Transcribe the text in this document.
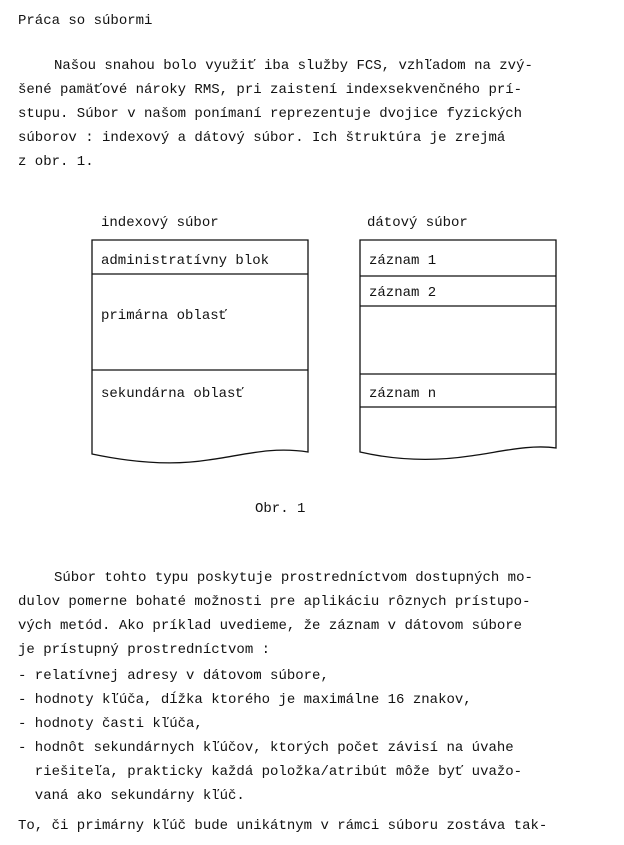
Práca so súbormi
Našou snahou bolo využiť iba služby FCS, vzhľadom na zvý-
šené pamäťové nároky RMS, pri zaistení indexsekvenčného prí-
stupu. Súbor v našom ponímaní reprezentuje dvojice fyzických
súborov : indexový a dátový súbor. Ich štruktúra je zrejmá
z obr. 1.
indexový súbor	dátový súbor
administratívny blok
primárna oblasť
sekundárna oblasť
záznam 1
záznam 2
záznam n
Obr. 1
Súbor tohto typu poskytuje prostredníctvom dostupných mo-
dulov pomerne bohaté možnosti pre aplikáciu rôznych prístupo-
vých metód. Ako príklad uvedieme, že záznam v dátovom súbore
je prístupný prostredníctvom :
- relatívnej adresy v dátovom súbore,
- hodnoty kľúča, dĺžka ktorého je maximálne 16 znakov,
- hodnoty časti kľúča,
- hodnôt sekundárnych kľúčov, ktorých počet závisí na úvahe
riešiteľa, prakticky každá položka/atribút môže byť uvažo-
vaná ako sekundárny kľúč.
To, či primárny kľúč bude unikátnym v rámci súboru zostáva tak-
